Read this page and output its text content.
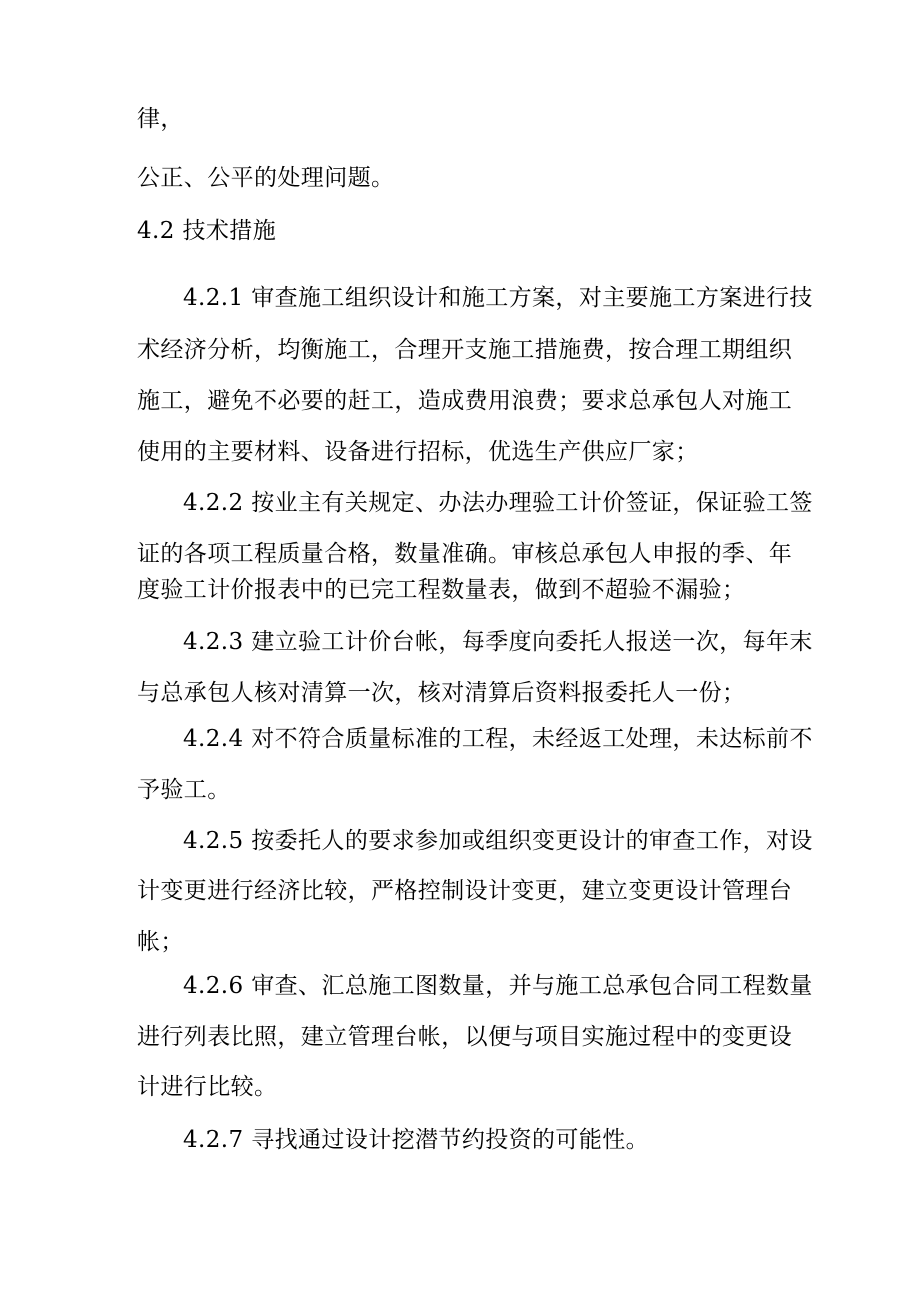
律，
公正、公平的处理问题。
4.2 技术措施
4.2.1 审查施工组织设计和施工方案，对主要施工方案进行技
术经济分析，均衡施工，合理开支施工措施费，按合理工期组织
施工，避免不必要的赶工，造成费用浪费；要求总承包人对施工
使用的主要材料、设备进行招标，优选生产供应厂家；
4.2.2 按业主有关规定、办法办理验工计价签证，保证验工签
证的各项工程质量合格，数量准确。审核总承包人申报的季、年
度验工计价报表中的已完工程数量表，做到不超验不漏验；
4.2.3 建立验工计价台帐，每季度向委托人报送一次，每年末
与总承包人核对清算一次，核对清算后资料报委托人一份；
4.2.4 对不符合质量标准的工程，未经返工处理，未达标前不
予验工。
4.2.5 按委托人的要求参加或组织变更设计的审查工作，对设
计变更进行经济比较，严格控制设计变更，建立变更设计管理台
帐；
4.2.6 审查、汇总施工图数量，并与施工总承包合同工程数量
进行列表比照，建立管理台帐，以便与项目实施过程中的变更设
计进行比较。
4.2.7 寻找通过设计挖潜节约投资的可能性。
